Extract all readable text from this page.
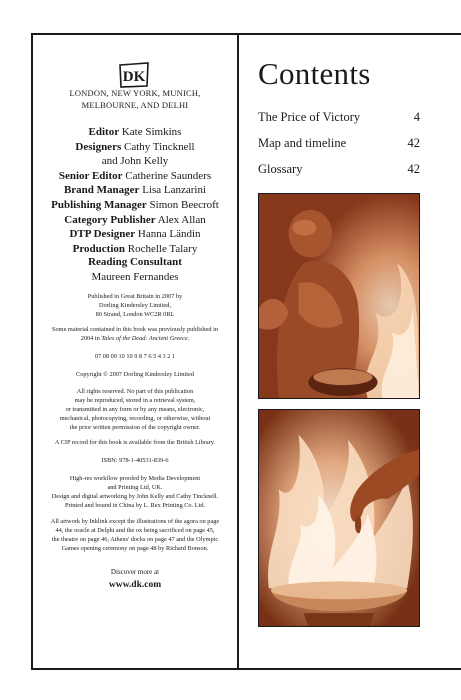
DK
LONDON, NEW YORK, MUNICH,
MELBOURNE, AND DELHI
Editor Kate Simkins
Designers Cathy Tincknell
and John Kelly
Senior Editor Catherine Saunders
Brand Manager Lisa Lanzarini
Publishing Manager Simon Beecroft
Category Publisher Alex Allan
DTP Designer Hanna Ländin
Production Rochelle Talary
Reading Consultant
Maureen Fernandes
Published in Great Britain in 2007 by
Dorling Kindersley Limited,
80 Strand, London WC2R 0RL
Some material contained in this book was previously published in
2004 in Tales of the Dead: Ancient Greece.
07 08 09 10 10 9 8 7 6 5 4 3 2 1
Copyright © 2007 Dorling Kindersley Limited
All rights reserved. No part of this publication
may be reproduced, stored in a retrieval system,
or transmitted in any form or by any means, electronic,
mechanical, photocopying, recording, or otherwise, without
the prior written permission of the copyright owner.
A CIP record for this book is available from the British Library.
ISBN: 978-1-40531-839-6
High-res workflow proofed by Media Development
and Printing Ltd, UK.
Design and digital artworking by John Kelly and Cathy Tincknell.
Printed and bound in China by L. Rex Printing Co. Ltd.
All artwork by Inklink except the illustrations of the agora on page
44, the oracle at Delphi and the ox being sacrificed on page 45,
the theatre on page 46, Athens' docks on page 47 and the Olympic
Games opening ceremony on page 48 by Richard Bonson.
Discover more at
www.dk.com
Contents
The Price of Victory	4
Map and timeline	42
Glossary	42
